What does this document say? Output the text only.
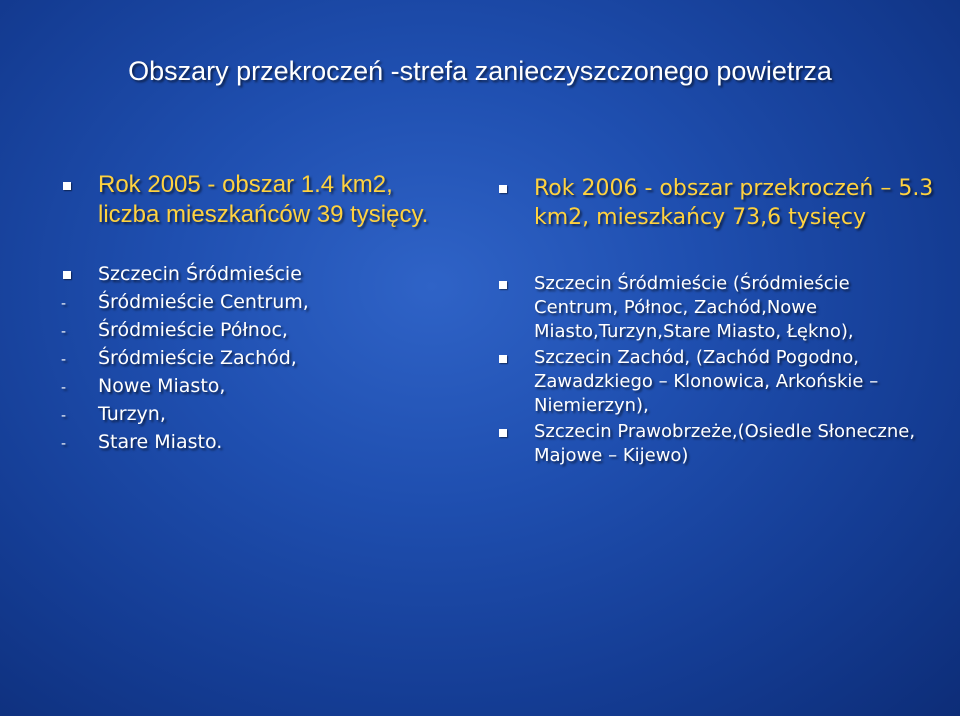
Obszary przekroczeń -strefa zanieczyszczonego powietrza
Rok 2005 - obszar 1.4 km2, liczba mieszkańców 39 tysięcy.
Szczecin Śródmieście
- Śródmieście Centrum,
- Śródmieście Północ,
- Śródmieście Zachód,
- Nowe Miasto,
- Turzyn,
- Stare Miasto.
Rok 2006 - obszar przekroczeń – 5.3 km2, mieszkańcy 73,6 tysięcy
Szczecin Śródmieście (Śródmieście Centrum, Północ, Zachód,Nowe Miasto,Turzyn,Stare Miasto, Łękno),
Szczecin Zachód, (Zachód Pogodno, Zawadzkiego – Klonowica, Arkońskie – Niemierzyn),
Szczecin Prawobrzeże,(Osiedle Słoneczne, Majowe – Kijewo)
